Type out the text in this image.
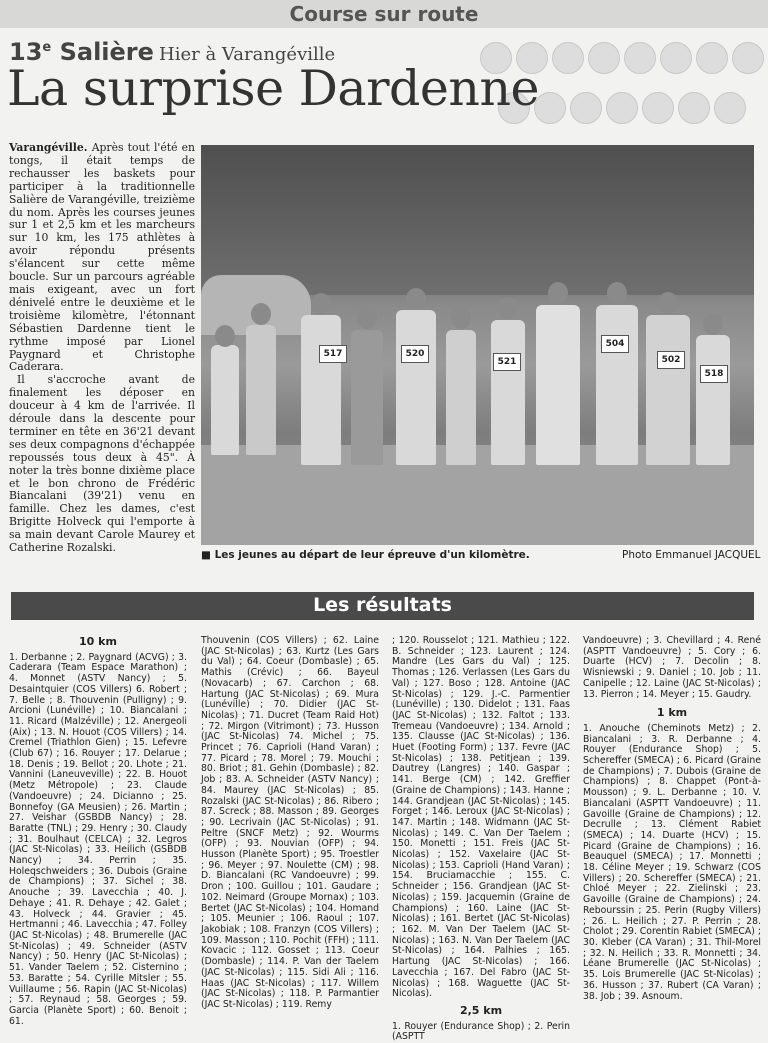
Course sur route
13e Salière Hier à Varangéville
La surprise Dardenne

Varangéville. Après tout l'été en tongs, il était temps de rechausser les baskets pour participer à la traditionnelle Salière de Varangéville, treizième du nom. Après les courses jeunes sur 1 et 2,5 km et les marcheurs sur 10 km, les 175 athlètes à avoir répondu présents s'élancent sur cette même boucle. Sur un parcours agréable mais exigeant, avec un fort dénivelé entre le deuxième et le troisième kilomètre, l'étonnant Sébastien Dardenne tient le rythme imposé par Lionel Paygnard et Christophe Caderara.

Il s'accroche avant de finalement les déposer en douceur à 4 km de l'arrivée. Il déroule dans la descente pour terminer en tête en 36'21 devant ses deux compagnons d'échappée repoussés tous deux à 45". À noter la très bonne dixième place et le bon chrono de Frédéric Biancalani (39'21) venu en famille. Chez les dames, c'est Brigitte Holveck qui l'emporte à sa main devant Carole Maurey et Catherine Rozalski.

517	520
521
504
502
518
■ Les jeunes au départ de leur épreuve d'un kilomètre.	Photo Emmanuel JACQUEL
Les résultats
10 km

1. Derbanne ; 2. Paygnard (ACVG) ; 3. Caderara (Team Espace Marathon) ; 4. Monnet (ASTV Nancy) ; 5. Desaintquier (COS Villers) 6. Robert ; 7. Belle ; 8. Thouvenin (Pulligny) ; 9. Arcioni (Lunéville) ; 10. Biancalani ; 11. Ricard (Malzéville) ; 12. Anergeoli (Aix) ; 13. N. Houot (COS Villers) ; 14. Cremel (Triathlon Gien) ; 15. Lefevre (Club 67) ; 16. Rouyer ; 17. Delarue ; 18. Denis ; 19. Bellot ; 20. Lhote ; 21. Vannini (Laneuveville) ; 22. B. Houot (Metz Métropole) ; 23. Claude (Vandoeuvre) ; 24. Dicianno ; 25. Bonnefoy (GA Meusien) ; 26. Martin ; 27. Veishar (GSBDB Nancy) ; 28. Baratte (TNL) ; 29. Henry ; 30. Claudy ; 31. Boulhaut (CELCA) ; 32. Legros (JAC St-Nicolas) ; 33. Heilich (GSBDB Nancy) ; 34. Perrin ; 35. Holeqschweiders ; 36. Dubois (Graine de Champions) ; 37. Sichel ; 38. Anouche ; 39. Lavecchia ; 40. J. Dehaye ; 41. R. Dehaye ; 42. Galet ; 43. Holveck ; 44. Gravier ; 45. Hertmanni ; 46. Lavecchia ; 47. Folley (JAC St-Nicolas) ; 48. Brumerelle (JAC St-Nicolas) ; 49. Schneider (ASTV Nancy) ; 50. Henry (JAC St-Nicolas) ; 51. Vander Taelem ; 52. Cisternino ; 53. Baratte ; 54. Cyrille Mitsler ; 55. Vuillaume ; 56. Rapin (JAC St-Nicolas) ; 57. Reynaud ; 58. Georges ; 59. Garcia (Planète Sport) ; 60. Benoit ; 61.

Thouvenin (COS Villers) ; 62. Laine (JAC St-Nicolas) ; 63. Kurtz (Les Gars du Val) ; 64. Coeur (Dombasle) ; 65. Mathis (Crévic) ; 66. Bayeul (Novacarb) ; 67. Carchon ; 68. Hartung (JAC St-Nicolas) ; 69. Mura (Lunéville) ; 70. Didier (JAC St-Nicolas) ; 71. Ducret (Team Raid Hot) ; 72. Mirgon (Vitrimont) ; 73. Husson (JAC St-Nicolas) 74. Michel ; 75. Princet ; 76. Caprioli (Hand Varan) ; 77. Picard ; 78. Morel ; 79. Mouchi ; 80. Briot ; 81. Gehin (Dombasle) ; 82. Job ; 83. A. Schneider (ASTV Nancy) ; 84. Maurey (JAC St-Nicolas) ; 85. Rozalski (JAC St-Nicolas) ; 86. Ribero ; 87. Screck ; 88. Masson ; 89. Georges ; 90. Lecrivain (JAC St-Nicolas) ; 91. Peltre (SNCF Metz) ; 92. Wourms (OFP) ; 93. Nouvian (OFP) ; 94. Husson (Planète Sport) ; 95. Troestler ; 96. Meyer ; 97. Noulette (CM) ; 98. D. Biancalani (RC Vandoeuvre) ; 99. Dron ; 100. Guillou ; 101. Gaudare ; 102. Neimard (Groupe Mornax) ; 103. Bertet (JAC St-Nicolas) ; 104. Homand ; 105. Meunier ; 106. Raoul ; 107. Jakobiak ; 108. Franzyn (COS Villers) ; 109. Masson ; 110. Pochit (FFH) ; 111. Kovacic ; 112. Gosset ; 113. Coeur (Dombasle) ; 114. P. Van der Taelem (JAC St-Nicolas) ; 115. Sidi Ali ; 116. Haas (JAC St-Nicolas) ; 117. Willem (JAC St-Nicolas) ; 118. P. Parmantier (JAC St-Nicolas) ; 119. Remy

; 120. Rousselot ; 121. Mathieu ; 122. B. Schneider ; 123. Laurent ; 124. Mandre (Les Gars du Val) ; 125. Thomas ; 126. Verlassen (Les Gars du Val) ; 127. Boso ; 128. Antoine (JAC St-Nicolas) ; 129. J.-C. Parmentier (Lunéville) ; 130. Didelot ; 131. Faas (JAC St-Nicolas) ; 132. Faltot ; 133. Tremeau (Vandoeuvre) ; 134. Arnold ; 135. Clausse (JAC St-Nicolas) ; 136. Huet (Footing Form) ; 137. Fevre (JAC St-Nicolas) ; 138. Petitjean ; 139. Dautrey (Langres) ; 140. Gaspar ; 141. Berge (CM) ; 142. Greffier (Graine de Champions) ; 143. Hanne ; 144. Grandjean (JAC St-Nicolas) ; 145. Forget ; 146. Leroux (JAC St-Nicolas) ; 147. Martin ; 148. Widmann (JAC St-Nicolas) ; 149. C. Van Der Taelem ; 150. Monetti ; 151. Freis (JAC St-Nicolas) ; 152. Vaxelaire (JAC St-Nicolas) ; 153. Caprioli (Hand Varan) ; 154. Bruciamacchie ; 155. C. Schneider ; 156. Grandjean (JAC St-Nicolas) ; 159. Jacquemin (Graine de Champions) ; 160. Laine (JAC St-Nicolas) ; 161. Bertet (JAC St-Nicolas) ; 162. M. Van Der Taelem (JAC St-Nicolas) ; 163. N. Van Der Taelem (JAC St-Nicolas) ; 164. Palhies ; 165. Hartung (JAC St-Nicolas) ; 166. Lavecchia ; 167. Del Fabro (JAC St-Nicolas) ; 168. Waguette (JAC St-Nicolas).

2,5 km

1. Rouyer (Endurance Shop) ; 2. Perin (ASPTT

Vandoeuvre) ; 3. Chevillard ; 4. René (ASPTT Vandoeuvre) ; 5. Cory ; 6. Duarte (HCV) ; 7. Decolin ; 8. Wisniewski ; 9. Daniel ; 10. Job ; 11. Canipelle ; 12. Laine (JAC St-Nicolas) ; 13. Pierron ; 14. Meyer ; 15. Gaudry.

1 km

1. Anouche (Cheminots Metz) ; 2. Biancalani ; 3. R. Derbanne ; 4. Rouyer (Endurance Shop) ; 5. Schereffer (SMECA) ; 6. Picard (Graine de Champions) ; 7. Dubois (Graine de Champions) ; 8. Chappet (Pont-à-Mousson) ; 9. L. Derbanne ; 10. V. Biancalani (ASPTT Vandoeuvre) ; 11. Gavoille (Graine de Champions) ; 12. Decrulle ; 13. Clément Rabiet (SMECA) ; 14. Duarte (HCV) ; 15. Picard (Graine de Champions) ; 16. Beauquel (SMECA) ; 17. Monnetti ; 18. Céline Meyer ; 19. Schwarz (COS Villers) ; 20. Schereffer (SMECA) ; 21. Chloé Meyer ; 22. Zielinski ; 23. Gavoille (Graine de Champions) ; 24. Rebourssin ; 25. Perin (Rugby Villers) ; 26. L. Heilich ; 27. P. Perrin ; 28. Cholot ; 29. Corentin Rabiet (SMECA) ; 30. Kleber (CA Varan) ; 31. Thil-Morel ; 32. N. Heilich ; 33. R. Monnetti ; 34. Léane Brumerelle (JAC St-Nicolas) ; 35. Lois Brumerelle (JAC St-Nicolas) ; 36. Husson ; 37. Rubert (CA Varan) ; 38. Job ; 39. Asnoum.
